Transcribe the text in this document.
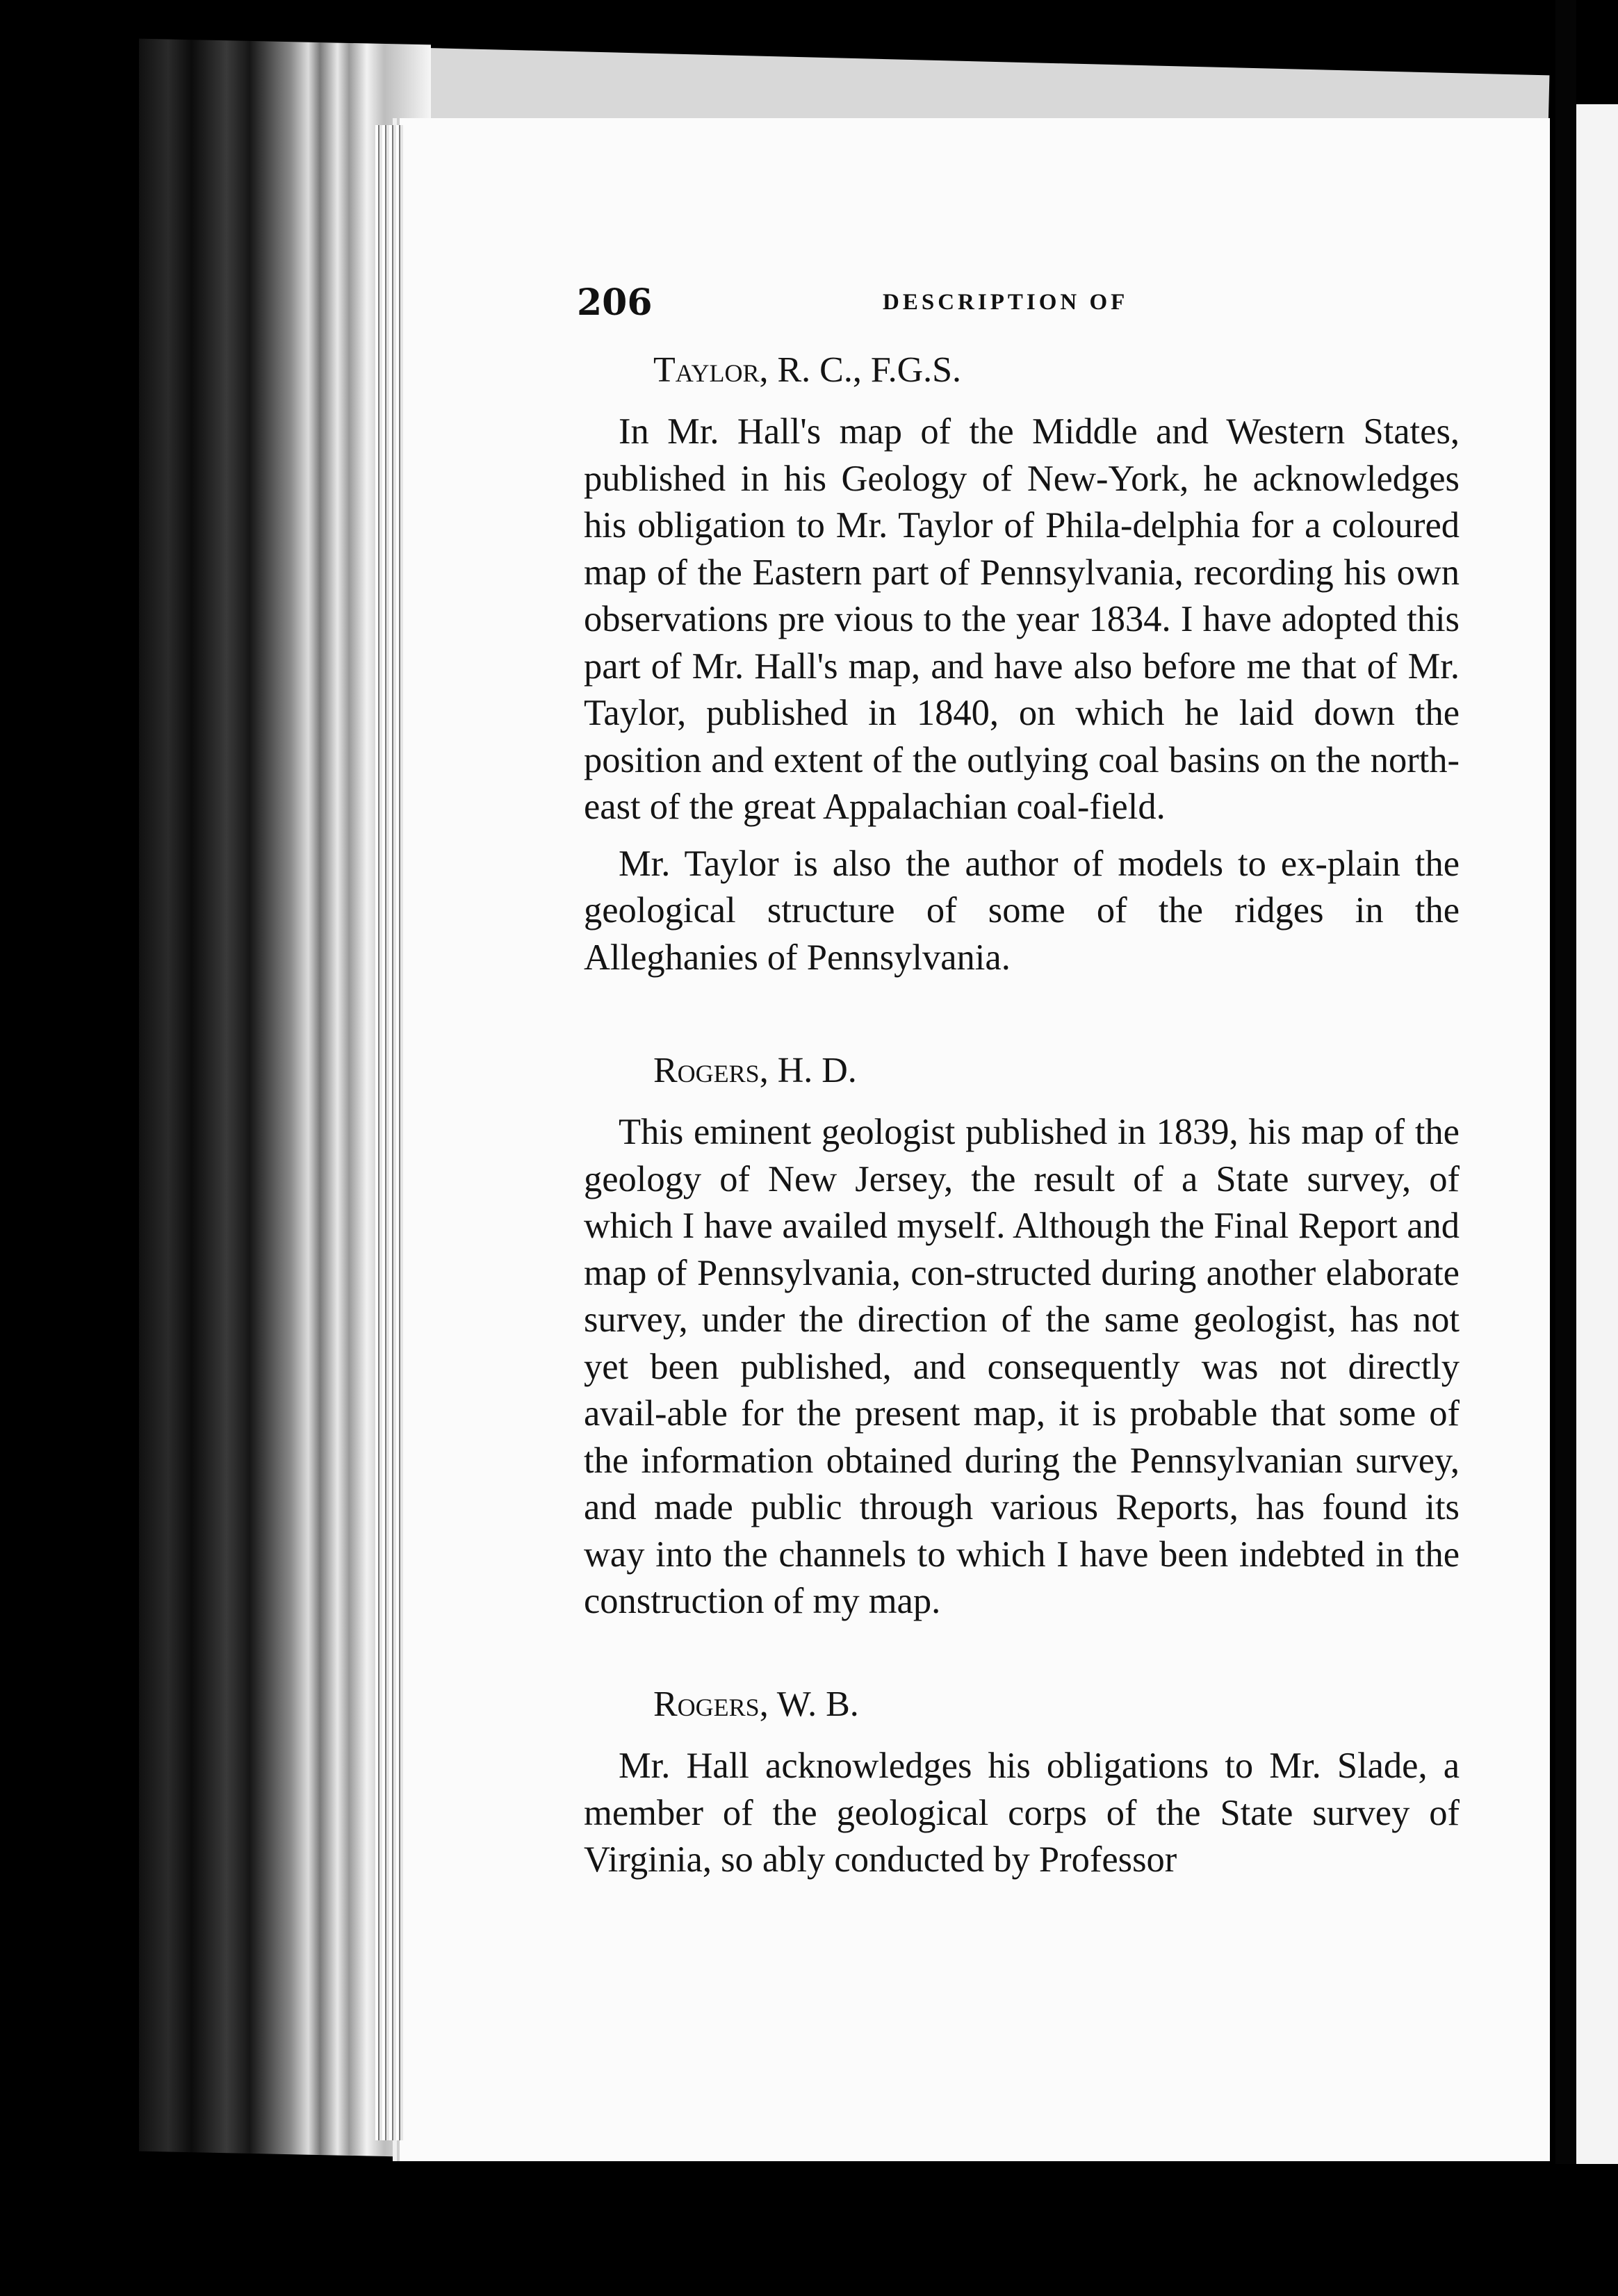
206	DESCRIPTION OF
Taylor, R. C., F.G.S.

In Mr. Hall's map of the Middle and Western States, published in his Geology of New-York, he acknowledges his obligation to Mr. Taylor of Phila-delphia for a coloured map of the Eastern part of Pennsylvania, recording his own observations pre vious to the year 1834. I have adopted this part of Mr. Hall's map, and have also before me that of Mr. Taylor, published in 1840, on which he laid down the position and extent of the outlying coal basins on the north-east of the great Appalachian coal-field.

Mr. Taylor is also the author of models to ex-plain the geological structure of some of the ridges in the Alleghanies of Pennsylvania.

Rogers, H. D.

This eminent geologist published in 1839, his map of the geology of New Jersey, the result of a State survey, of which I have availed myself. Although the Final Report and map of Pennsylvania, con-structed during another elaborate survey, under the direction of the same geologist, has not yet been published, and consequently was not directly avail-able for the present map, it is probable that some of the information obtained during the Pennsylvanian survey, and made public through various Reports, has found its way into the channels to which I have been indebted in the construction of my map.

Rogers, W. B.

Mr. Hall acknowledges his obligations to Mr. Slade, a member of the geological corps of the State survey of Virginia, so ably conducted by Professor
